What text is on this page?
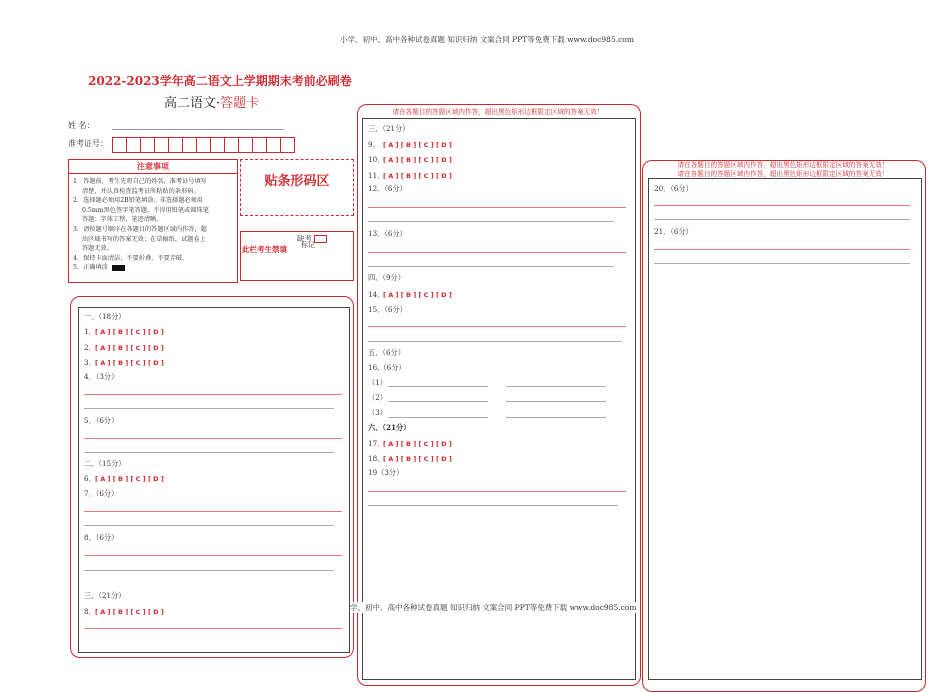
小学、初中、高中各种试卷真题 知识归纳 文案合同 PPT等免费下载 www.doc985.com
2022-2023学年高二语文上学期期末考前必刷卷
高二语文·答题卡
姓 名：
准考证号：
注意事项
1．答题前，考生先将自己的姓名，准考证号填写
清楚，并认真检查监考员所粘贴的条形码。
2．选择题必须用2B铅笔填涂；非选择题必须用
0.5mm黑色签字笔答题，不得用铅笔或圆珠笔
答题；字体工整、笔迹清晰。
3．请按题号顺序在各题目的答题区域内作答，超
出区域书写的答案无效；在草稿纸、试题卷上
答题无效。
4．保持卡面清洁，不要折叠、不要弄破。
5．正确填涂
贴条形码区
缺考
标记
此栏考生禁填
一、（18分）
1． [ A ] [ B ] [ C ] [ D ]
2． [ A ] [ B ] [ C ] [ D ]
3． [ A ] [ B ] [ C ] [ D ]
4．（3分）
5．（6分）
二、（15分）
6． [ A ] [ B ] [ C ] [ D ]
7．（6分）
8．（6分）
三、（21分）
8． [ A ] [ B ] [ C ] [ D ]
请在各题目的答题区域内作答，超出黑色矩形边框限定区域的答案无效！
三、（21分）
9． [ A ] [ B ] [ C ] [ D ]
10．
[ A ] [ B ] [ C ] [ D ]
11．
[ A ] [ B ] [ C ] [ D ]
12．（6分）
13．（6分）
四、（9分）
14．
[ A ] [ B ] [ C ] [ D ]
15．（6分）
五、（6分）
16.（6分）
（1）
（2）
（3）
六、（21分）
17．
[ A ] [ B ] [ C ] [ D ]
18．
[ A ] [ B ] [ C ] [ D ]
19（3分）
学、初中、高中各种试卷真题 知识归纳 文案合同 PPT等免费下载 www.doc985.com
请在各题目的答题区域内作答，超出黑色矩形边框限定区域的答案无效！
请在各题目的答题区域内作答，超出黑色矩形边框限定区域的答案无效！
20．（6分）
21．（6分）
